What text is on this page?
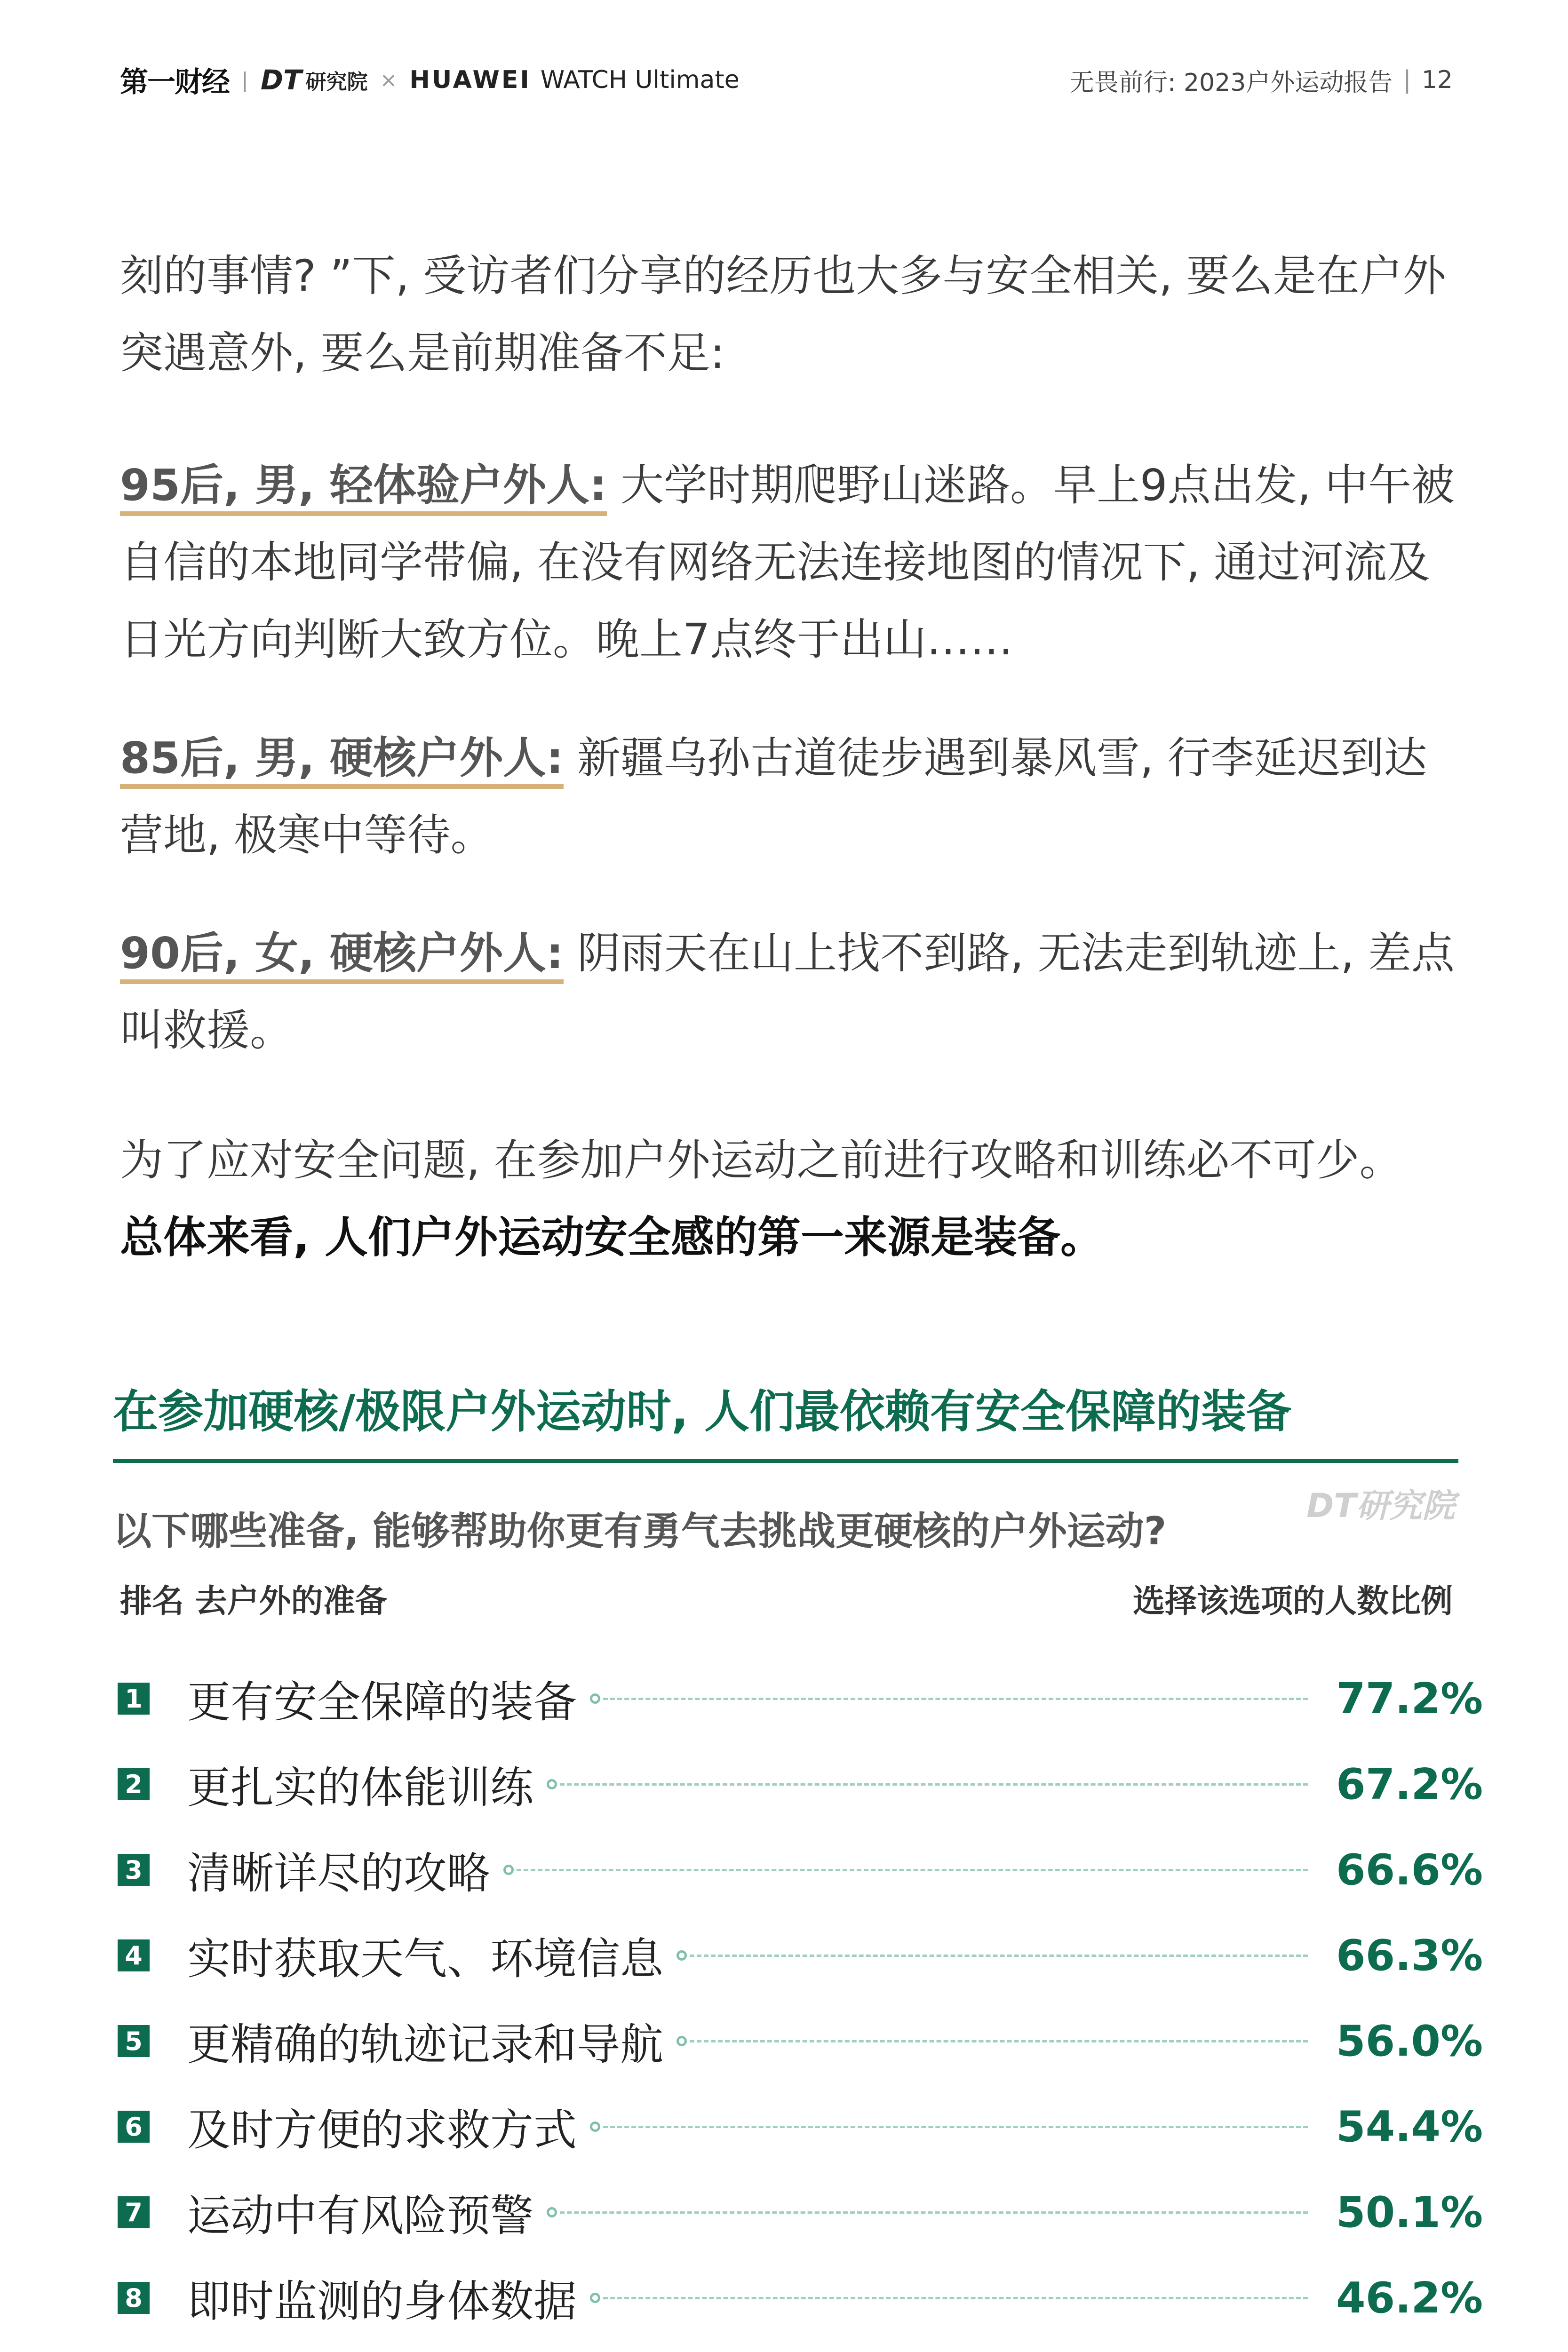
第一财经 | DT 研究院 × HUAWEI WATCH Ultimate	无畏前行: 2023户外运动报告 | 12

刻的事情? ”下, 受访者们分享的经历也大多与安全相关, 要么是在户外突遇意外, 要么是前期准备不足:

95后, 男, 轻体验户外人: 大学时期爬野山迷路。早上9点出发, 中午被自信的本地同学带偏, 在没有网络无法连接地图的情况下, 通过河流及日光方向判断大致方位。晚上7点终于出山……

85后, 男, 硬核户外人: 新疆乌孙古道徒步遇到暴风雪, 行李延迟到达营地, 极寒中等待。

90后, 女, 硬核户外人: 阴雨天在山上找不到路, 无法走到轨迹上, 差点叫救援。

为了应对安全问题, 在参加户外运动之前进行攻略和训练必不可少。
总体来看, 人们户外运动安全感的第一来源是装备。

在参加硬核/极限户外运动时, 人们最依赖有安全保障的装备
以下哪些准备, 能够帮助你更有勇气去挑战更硬核的户外运动?
DT研究院
排名 去户外的准备	选择该选项的人数比例
1 更有安全保障的装备	77.2%
2 更扎实的体能训练	67.2%
3 清晰详尽的攻略	66.6%
4 实时获取天气、环境信息	66.3%
5 更精确的轨迹记录和导航	56.0%
6 及时方便的求救方式	54.4%
7 运动中有风险预警	50.1%
8 即时监测的身体数据	46.2%
